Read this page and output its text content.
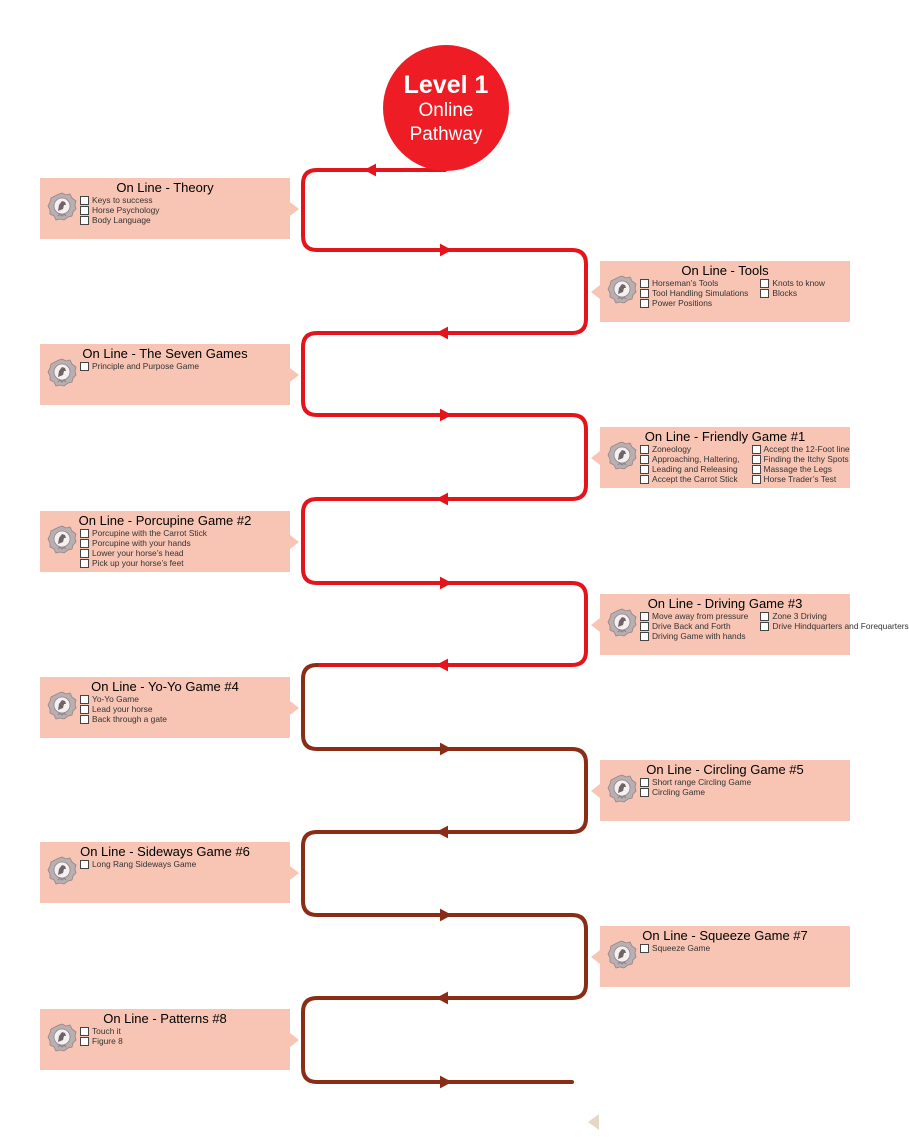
Level 1
Online
Pathway
On Line - Theory
Keys to success
Horse Psychology
Body Language
On Line - Tools
Horseman’s Tools	Knots to know
Tool Handling Simulations	Blocks
Power Positions
On Line - The Seven Games
Principle and Purpose Game
On Line - Friendly Game #1
Zoneology	Accept the 12-Foot line
Approaching, Haltering,	Finding the Itchy Spots
Leading and Releasing	Massage the Legs
Accept the Carrot Stick	Horse Trader’s Test
On Line - Porcupine Game #2
Porcupine with the Carrot Stick
Porcupine with your hands
Lower your horse’s head
Pick up your horse’s feet
On Line - Driving Game #3
Move away from pressure	Zone 3 Driving
Drive Back and Forth	Drive Hindquarters and Forequarters
Driving Game with hands
On Line - Yo-Yo Game #4
Yo-Yo Game
Lead your horse
Back through a gate
On Line - Circling Game #5
Short range Circling Game
Circling Game
On Line - Sideways Game #6
Long Rang Sideways Game
On Line - Squeeze Game #7
Squeeze Game
On Line - Patterns #8
Touch it
Figure 8
